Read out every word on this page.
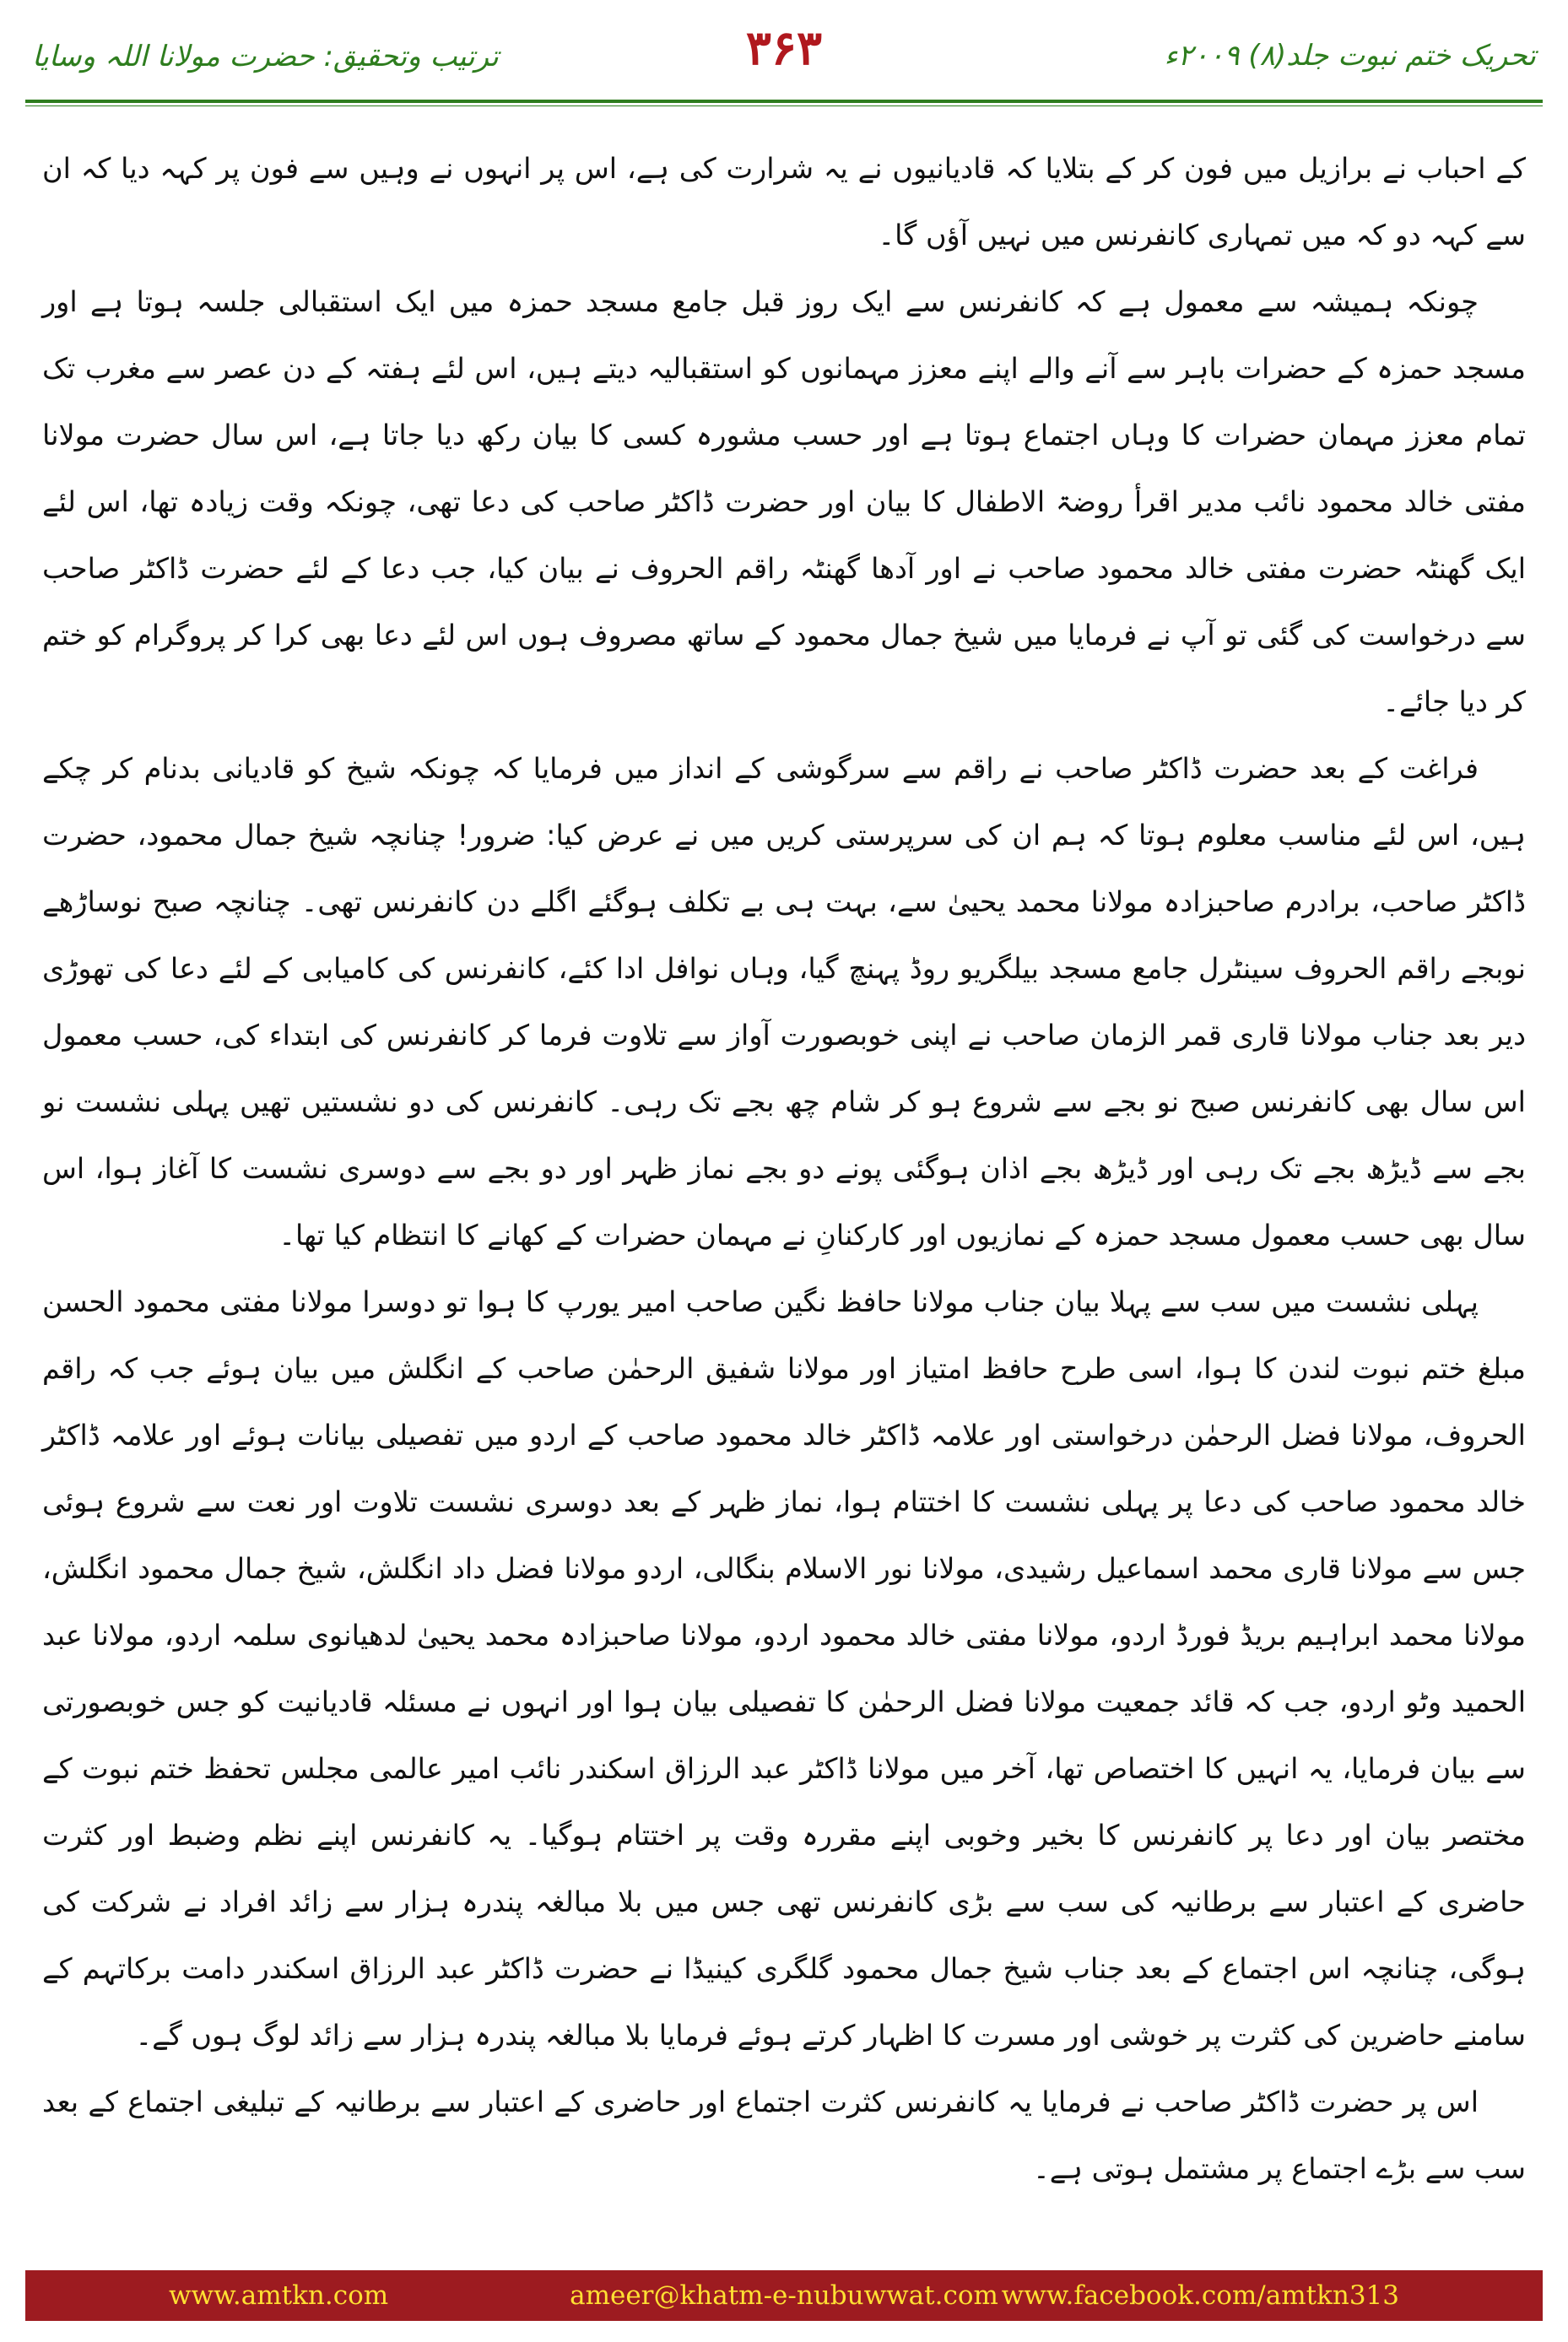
ترتیب وتحقیق: حضرت مولانا اللہ وسایا	۳۶۳	تحریک ختم نبوت جلد(۸) ۲۰۰۹ء

کے احباب نے برازیل میں فون کر کے بتلایا کہ قادیانیوں نے یہ شرارت کی ہے، اس پر انہوں نے وہیں سے فون پر کہہ دیا کہ ان سے کہہ دو کہ میں تمہاری کانفرنس میں نہیں آؤں گا۔

چونکہ ہمیشہ سے معمول ہے کہ کانفرنس سے ایک روز قبل جامع مسجد حمزہ میں ایک استقبالی جلسہ ہوتا ہے اور مسجد حمزہ کے حضرات باہر سے آنے والے اپنے معزز مہمانوں کو استقبالیہ دیتے ہیں، اس لئے ہفتہ کے دن عصر سے مغرب تک تمام معزز مہمان حضرات کا وہاں اجتماع ہوتا ہے اور حسب مشورہ کسی کا بیان رکھ دیا جاتا ہے، اس سال حضرت مولانا مفتی خالد محمود نائب مدیر اقرأ روضۃ الاطفال کا بیان اور حضرت ڈاکٹر صاحب کی دعا تھی، چونکہ وقت زیادہ تھا، اس لئے ایک گھنٹہ حضرت مفتی خالد محمود صاحب نے اور آدھا گھنٹہ راقم الحروف نے بیان کیا، جب دعا کے لئے حضرت ڈاکٹر صاحب سے درخواست کی گئی تو آپ نے فرمایا میں شیخ جمال محمود کے ساتھ مصروف ہوں اس لئے دعا بھی کرا کر پروگرام کو ختم کر دیا جائے۔

فراغت کے بعد حضرت ڈاکٹر صاحب نے راقم سے سرگوشی کے انداز میں فرمایا کہ چونکہ شیخ کو قادیانی بدنام کر چکے ہیں، اس لئے مناسب معلوم ہوتا کہ ہم ان کی سرپرستی کریں میں نے عرض کیا: ضرور! چنانچہ شیخ جمال محمود، حضرت ڈاکٹر صاحب، برادرم صاحبزادہ مولانا محمد یحییٰ سے، بہت ہی بے تکلف ہوگئے اگلے دن کانفرنس تھی۔ چنانچہ صبح نوساڑھے نوبجے راقم الحروف سینٹرل جامع مسجد بیلگریو روڈ پہنچ گیا، وہاں نوافل ادا کئے، کانفرنس کی کامیابی کے لئے دعا کی تھوڑی دیر بعد جناب مولانا قاری قمر الزمان صاحب نے اپنی خوبصورت آواز سے تلاوت فرما کر کانفرنس کی ابتداء کی، حسب معمول اس سال بھی کانفرنس صبح نو بجے سے شروع ہو کر شام چھ بجے تک رہی۔ کانفرنس کی دو نشستیں تھیں پہلی نشست نو بجے سے ڈیڑھ بجے تک رہی اور ڈیڑھ بجے اذان ہوگئی پونے دو بجے نماز ظہر اور دو بجے سے دوسری نشست کا آغاز ہوا، اس سال بھی حسب معمول مسجد حمزہ کے نمازیوں اور کارکنانِ نے مہمان حضرات کے کھانے کا انتظام کیا تھا۔

پہلی نشست میں سب سے پہلا بیان جناب مولانا حافظ نگین صاحب امیر یورپ کا ہوا تو دوسرا مولانا مفتی محمود الحسن مبلغ ختم نبوت لندن کا ہوا، اسی طرح حافظ امتیاز اور مولانا شفیق الرحمٰن صاحب کے انگلش میں بیان ہوئے جب کہ راقم الحروف، مولانا فضل الرحمٰن درخواستی اور علامہ ڈاکٹر خالد محمود صاحب کے اردو میں تفصیلی بیانات ہوئے اور علامہ ڈاکٹر خالد محمود صاحب کی دعا پر پہلی نشست کا اختتام ہوا، نماز ظہر کے بعد دوسری نشست تلاوت اور نعت سے شروع ہوئی جس سے مولانا قاری محمد اسماعیل رشیدی، مولانا نور الاسلام بنگالی، اردو مولانا فضل داد انگلش، شیخ جمال محمود انگلش، مولانا محمد ابراہیم بریڈ فورڈ اردو، مولانا مفتی خالد محمود اردو، مولانا صاحبزادہ محمد یحییٰ لدھیانوی سلمہ اردو، مولانا عبد الحمید وٹو اردو، جب کہ قائد جمعیت مولانا فضل الرحمٰن کا تفصیلی بیان ہوا اور انہوں نے مسئلہ قادیانیت کو جس خوبصورتی سے بیان فرمایا، یہ انہیں کا اختصاص تھا، آخر میں مولانا ڈاکٹر عبد الرزاق اسکندر نائب امیر عالمی مجلس تحفظ ختم نبوت کے مختصر بیان اور دعا پر کانفرنس کا بخیر وخوبی اپنے مقررہ وقت پر اختتام ہوگیا۔ یہ کانفرنس اپنے نظم وضبط اور کثرت حاضری کے اعتبار سے برطانیہ کی سب سے بڑی کانفرنس تھی جس میں بلا مبالغہ پندرہ ہزار سے زائد افراد نے شرکت کی ہوگی، چنانچہ اس اجتماع کے بعد جناب شیخ جمال محمود گلگری کینیڈا نے حضرت ڈاکٹر عبد الرزاق اسکندر دامت برکاتہم کے سامنے حاضرین کی کثرت پر خوشی اور مسرت کا اظہار کرتے ہوئے فرمایا بلا مبالغہ پندرہ ہزار سے زائد لوگ ہوں گے۔

اس پر حضرت ڈاکٹر صاحب نے فرمایا یہ کانفرنس کثرت اجتماع اور حاضری کے اعتبار سے برطانیہ کے تبلیغی اجتماع کے بعد سب سے بڑے اجتماع پر مشتمل ہوتی ہے۔

www.amtkn.com	ameer@khatm-e-nubuwwat.com www.facebook.com/amtkn313
